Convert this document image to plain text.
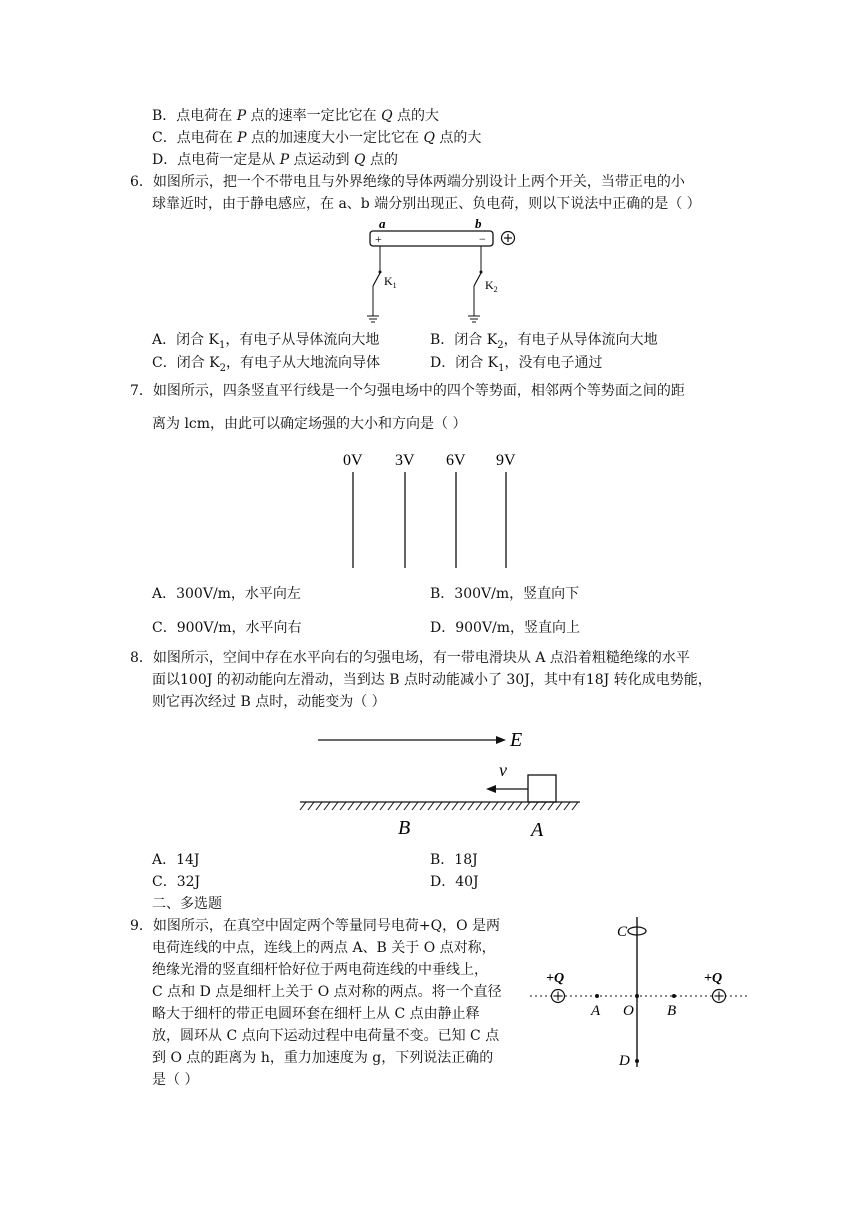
B．点电荷在 P 点的速率一定比它在 Q 点的大
C．点电荷在 P 点的加速度大小一定比它在 Q 点的大
D．点电荷一定是从 P 点运动到 Q 点的
6．如图所示，把一个不带电且与外界绝缘的导体两端分别设计上两个开关，当带正电的小
球靠近时，由于静电感应，在 a、b 端分别出现正、负电荷，则以下说法中正确的是（ ）
a	b
+	−
$K_1$	$K_2$
A．闭合 $K_1$，有电子从导体流向大地	B．闭合 $K_2$，有电子从导体流向大地
C．闭合 $K_2$，有电子从大地流向导体	D．闭合 $K_1$，没有电子通过
7．如图所示，四条竖直平行线是一个匀强电场中的四个等势面，相邻两个等势面之间的距
离为 lcm，由此可以确定场强的大小和方向是（ ）
0V 3V 6V 9V
A．300V/m，水平向左	B．300V/m，竖直向下
C．900V/m，水平向右	D．900V/m，竖直向上
8．如图所示，空间中存在水平向右的匀强电场，有一带电滑块从 A 点沿着粗糙绝缘的水平
面以100J 的初动能向左滑动，当到达 B 点时动能减小了 30J，其中有18J 转化成电势能，
则它再次经过 B 点时，动能变为（ ）
E
v
B	A
A．14J	B．18J
C．32J	D．40J
二、多选题
9．如图所示，在真空中固定两个等量同号电荷+Q，O 是两
电荷连线的中点，连线上的两点 A、B 关于 O 点对称，
绝缘光滑的竖直细杆恰好位于两电荷连线的中垂线上，
C 点和 D 点是细杆上关于 O 点对称的两点。将一个直径
略大于细杆的带正电圆环套在细杆上从 C 点由静止释
放，圆环从 C 点向下运动过程中电荷量不变。已知 C 点
到 O 点的距离为 h，重力加速度为 g，下列说法正确的
是（ ）
C
+Q	+Q
A O B
D
